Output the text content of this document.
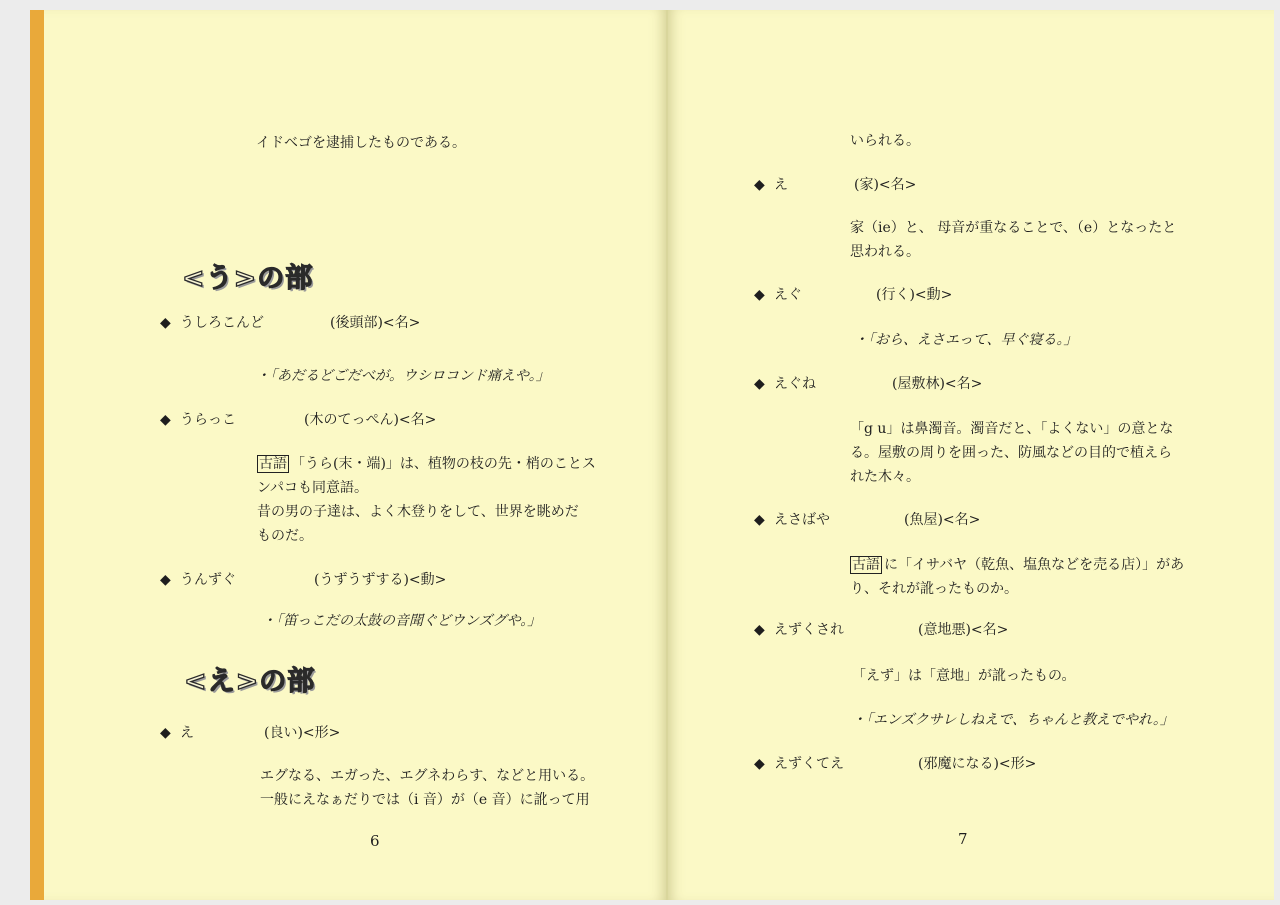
イドベゴを逮捕したものである。
<う>の部
◆ うしろこんど	(後頭部)<名>
・「あだるどごだべが。ウシロコンド痛えや。」
◆ うらっこ	(木のてっぺん)<名>
古語 「うら(末・端)」は、植物の枝の先・梢のことス
ンパコも同意語。
昔の男の子達は、よく木登りをして、世界を眺めだ
ものだ。
◆ うんずぐ	(うずうずする)<動>
・「笛っこだの太鼓の音聞ぐどウンズグや。」
<え>の部
◆ え	(良い)<形>
エグなる、エガった、エグネわらす、などと用いる。
一般にえなぁだりでは（i 音）が（e 音）に訛って用
6
いられる。
◆ え	(家)<名>
家（ie）と、 母音が重なることで、（e）となったと
思われる。
◆ えぐ	(行く)<動>
・「おら、えさエって、早ぐ寝る。」
◆ えぐね	(屋敷林)<名>
「g u」は鼻濁音。濁音だと、「よくない」の意とな
る。屋敷の周りを囲った、防風などの目的で植えら
れた木々。
◆ えさばや	(魚屋)<名>
古語 に「イサバヤ（乾魚、塩魚などを売る店）」があ
り、それが訛ったものか。
◆ えずくされ	(意地悪)<名>
「えず」は「意地」が訛ったもの。
・「エンズクサレしねえで、ちゃんと教えでやれ。」
◆ えずくてえ	(邪魔になる)<形>
7
